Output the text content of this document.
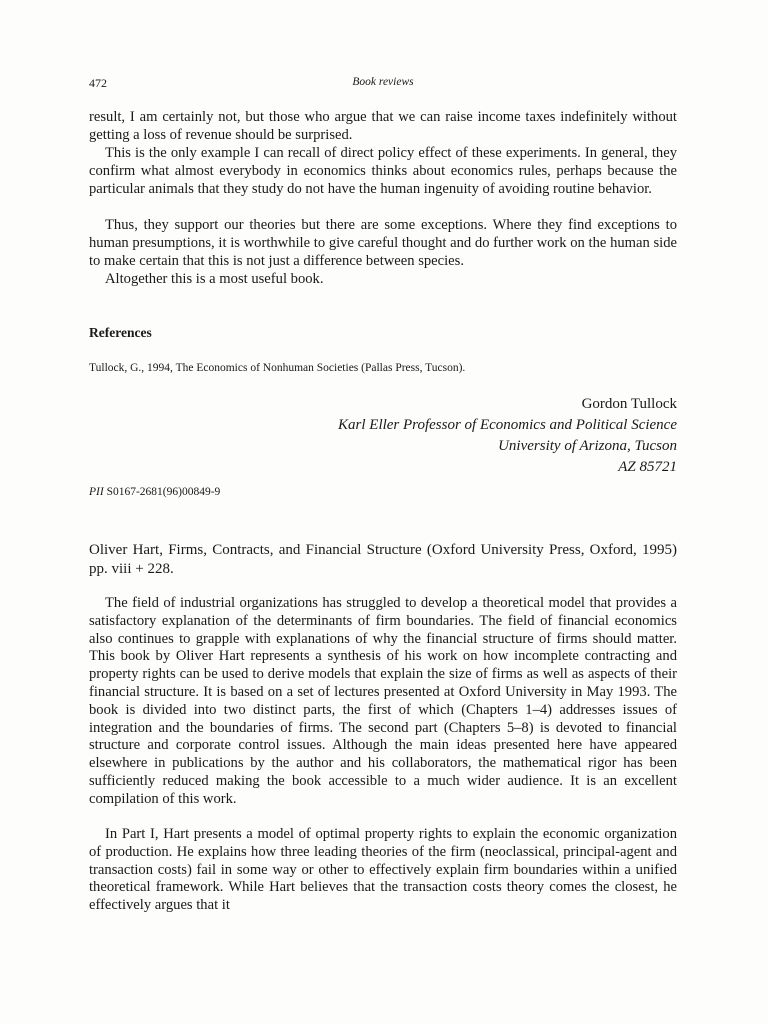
472	Book reviews

result, I am certainly not, but those who argue that we can raise income taxes indefinitely without getting a loss of revenue should be surprised.

This is the only example I can recall of direct policy effect of these experiments. In general, they confirm what almost everybody in economics thinks about economics rules, perhaps because the particular animals that they study do not have the human ingenuity of avoiding routine behavior.

Thus, they support our theories but there are some exceptions. Where they find exceptions to human presumptions, it is worthwhile to give careful thought and do further work on the human side to make certain that this is not just a difference between species.

Altogether this is a most useful book.

References
Tullock, G., 1994, The Economics of Nonhuman Societies (Pallas Press, Tucson).
Gordon Tullock
Karl Eller Professor of Economics and Political Science
University of Arizona, Tucson
AZ 85721
PII S0167-2681(96)00849-9
Oliver Hart, Firms, Contracts, and Financial Structure (Oxford University Press, Oxford, 1995) pp. viii + 228.

The field of industrial organizations has struggled to develop a theoretical model that provides a satisfactory explanation of the determinants of firm boundaries. The field of financial economics also continues to grapple with explanations of why the financial structure of firms should matter. This book by Oliver Hart represents a synthesis of his work on how incomplete contracting and property rights can be used to derive models that explain the size of firms as well as aspects of their financial structure. It is based on a set of lectures presented at Oxford University in May 1993. The book is divided into two distinct parts, the first of which (Chapters 1–4) addresses issues of integration and the boundaries of firms. The second part (Chapters 5–8) is devoted to financial structure and corporate control issues. Although the main ideas presented here have appeared elsewhere in publications by the author and his collaborators, the mathematical rigor has been sufficiently reduced making the book accessible to a much wider audience. It is an excellent compilation of this work.

In Part I, Hart presents a model of optimal property rights to explain the economic organization of production. He explains how three leading theories of the firm (neoclassical, principal-agent and transaction costs) fail in some way or other to effectively explain firm boundaries within a unified theoretical framework. While Hart believes that the transaction costs theory comes the closest, he effectively argues that it
